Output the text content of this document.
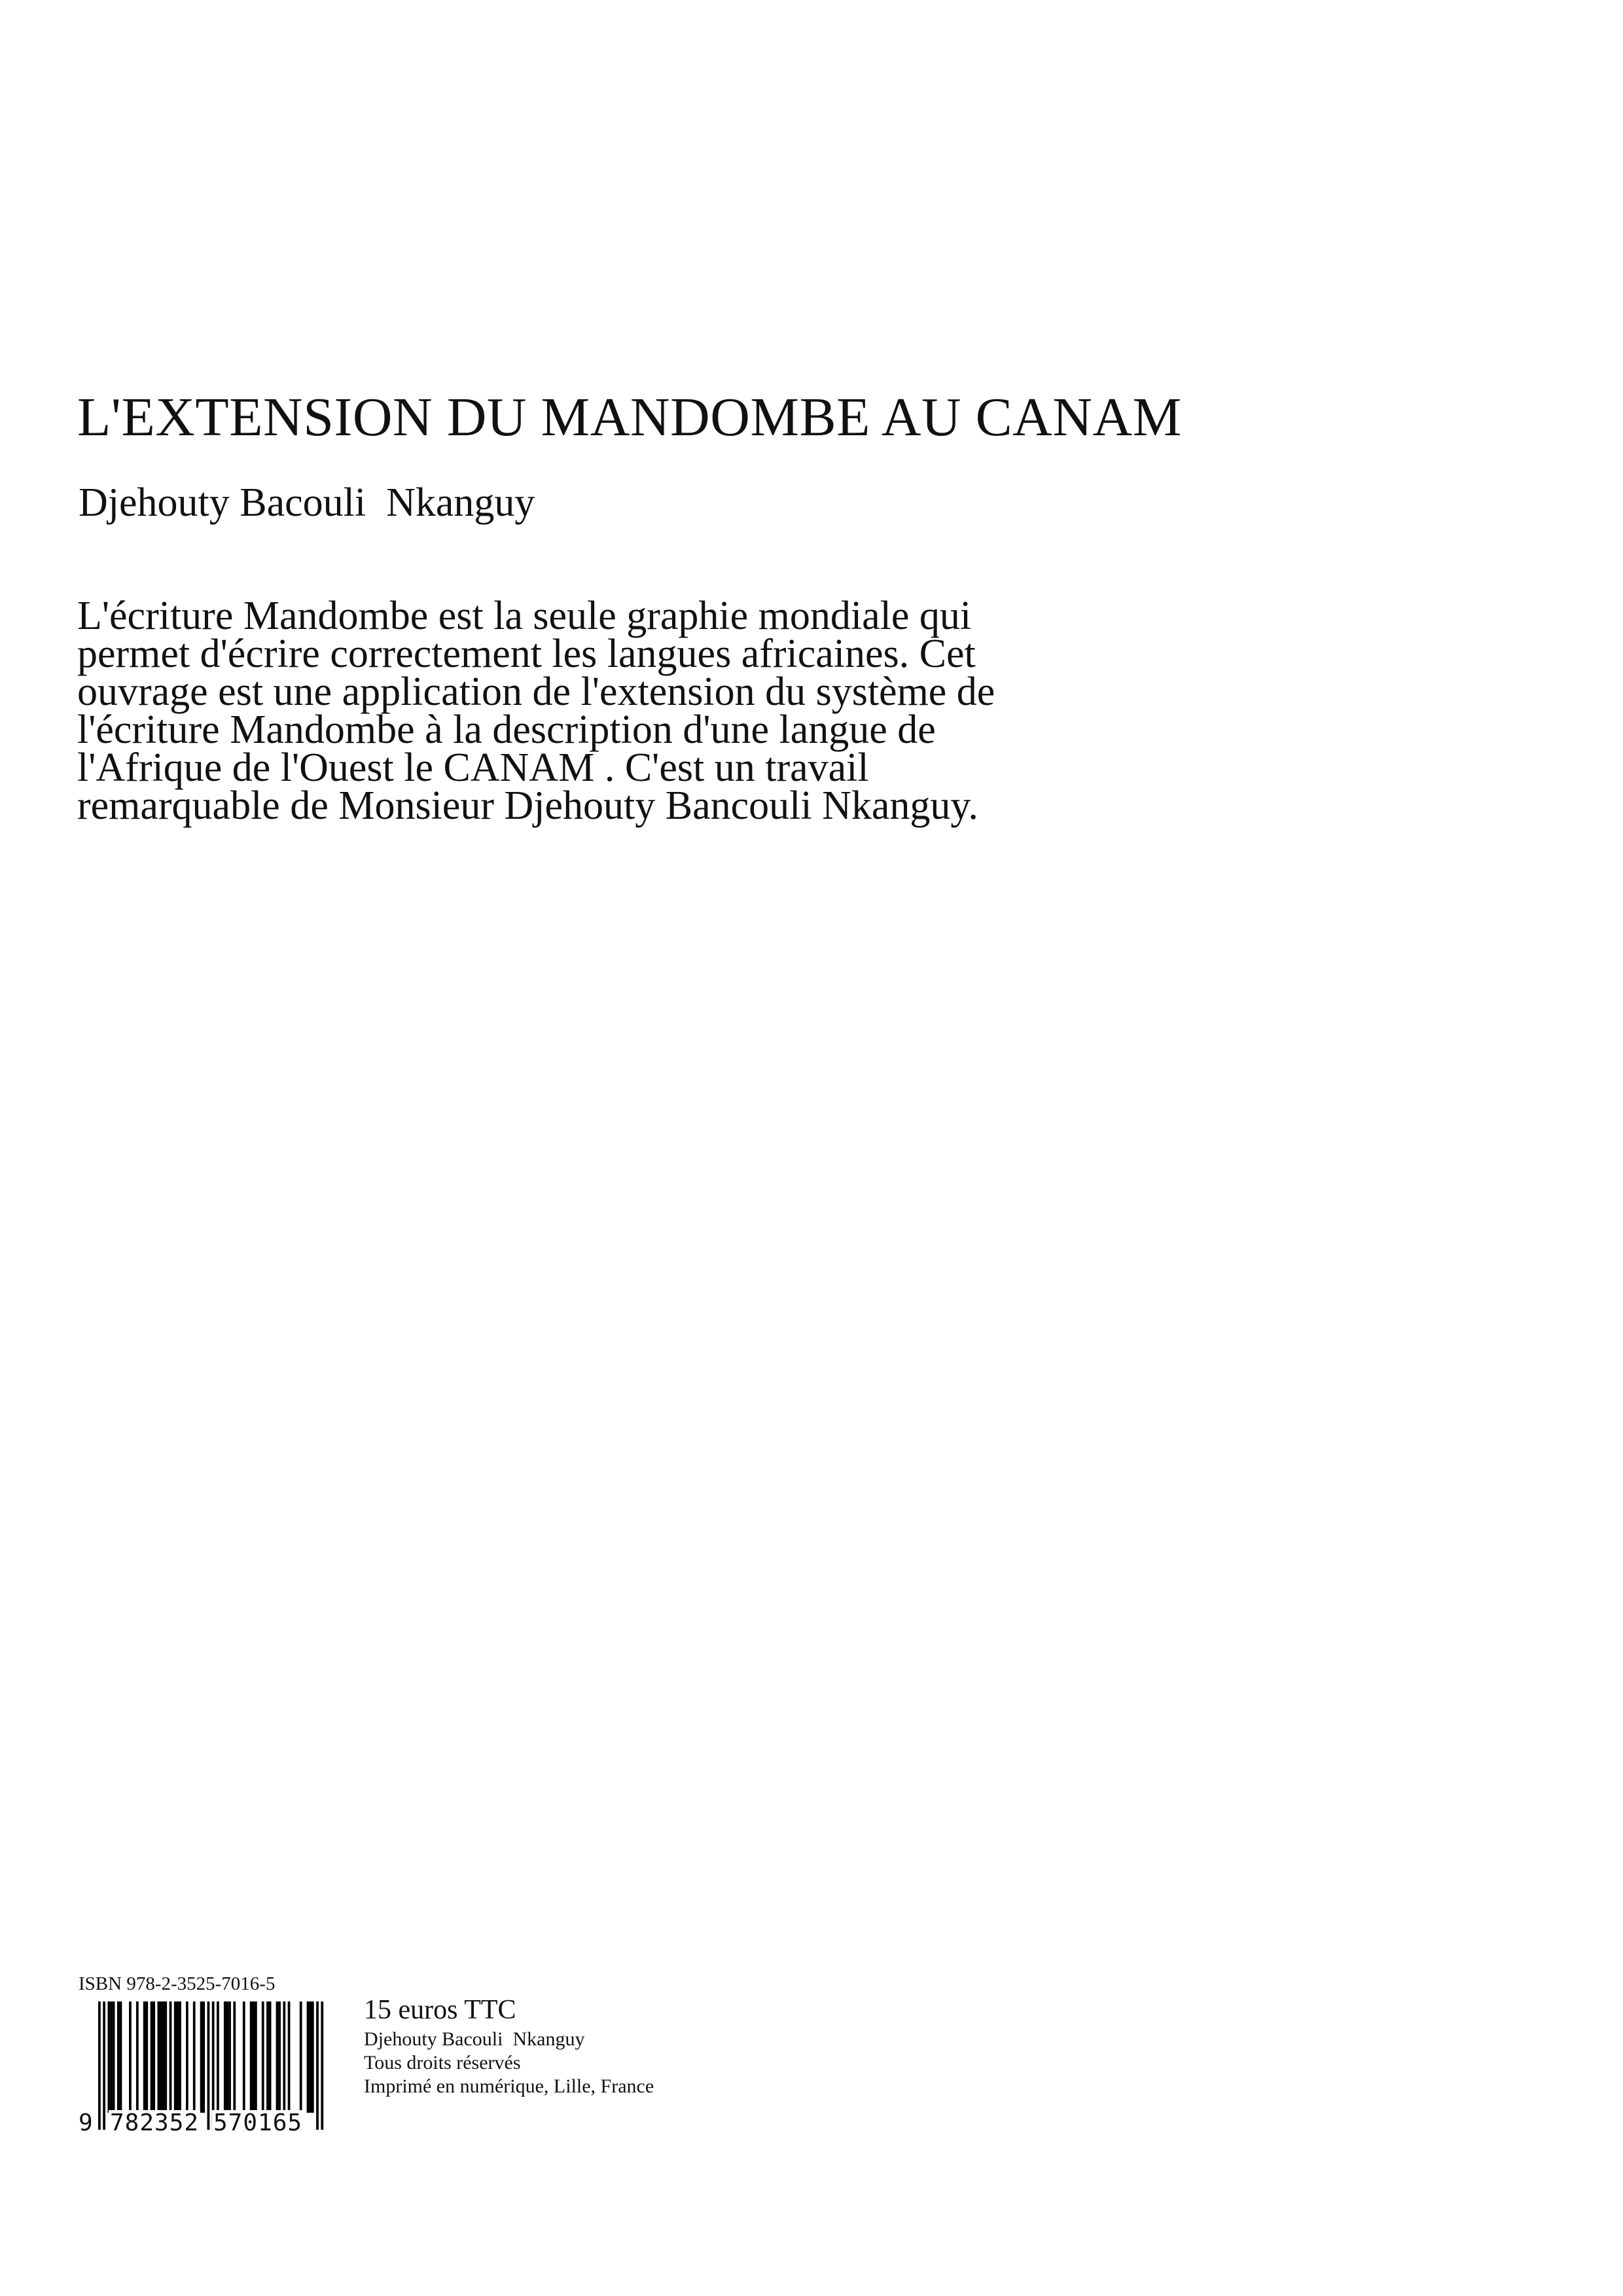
L'EXTENSION DU MANDOMBE AU CANAM
Djehouty Bacouli  Nkanguy

L'écriture Mandombe est la seule graphie mondiale qui
permet d'écrire correctement les langues africaines. Cet
ouvrage est une application de l'extension du système de
l'écriture Mandombe à la description d'une langue de
l'Afrique de l'Ouest le CANAM . C'est un travail
remarquable de Monsieur Djehouty Bancouli Nkanguy.

ISBN 978-2-3525-7016-5
9 782352 570165
15 euros TTC
Djehouty Bacouli  Nkanguy
Tous droits réservés
Imprimé en numérique, Lille, France
